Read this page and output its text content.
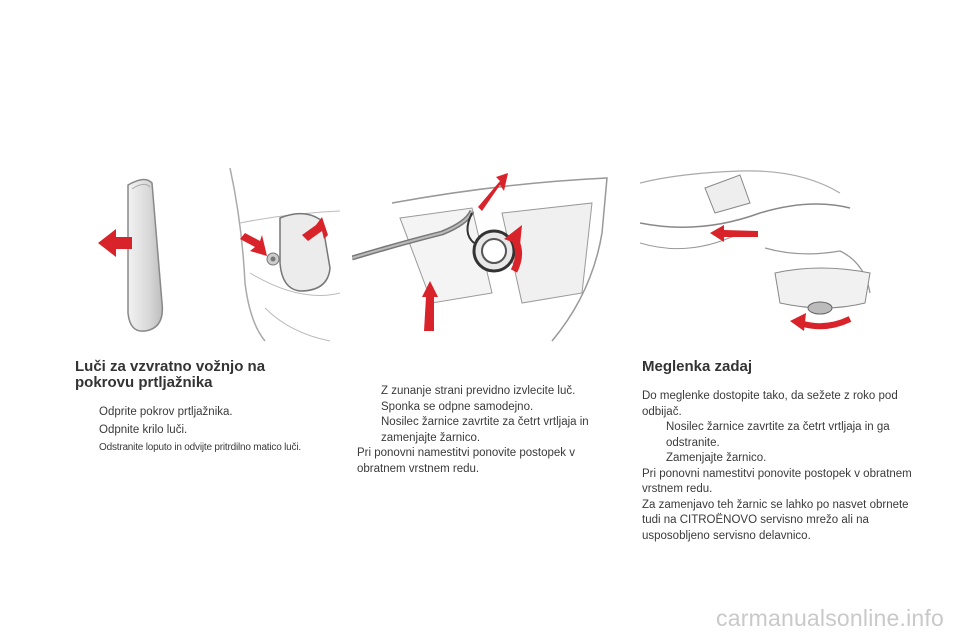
Luči za vzvratno vožnjo na
pokrovu prtljažnika
Odprite pokrov prtljažnika.
Odpnite krilo luči.
Odstranite loputo in odvijte pritrdilno matico luči.
Z zunanje strani previdno izvlecite luč. Sponka se odpne samodejno.
Nosilec žarnice zavrtite za četrt vrtljaja in zamenjajte žarnico.
Pri ponovni namestitvi ponovite postopek v obratnem vrstnem redu.
Meglenka zadaj
Do meglenke dostopite tako, da sežete z roko pod odbijač.
Nosilec žarnice zavrtite za četrt vrtljaja in ga odstranite.
Zamenjajte žarnico.
Pri ponovni namestitvi ponovite postopek v obratnem vrstnem redu.
Za zamenjavo teh žarnic se lahko po nasvet obrnete tudi na CITROËNOVO servisno mrežo ali na usposobljeno servisno delavnico.
carmanualsonline.info
